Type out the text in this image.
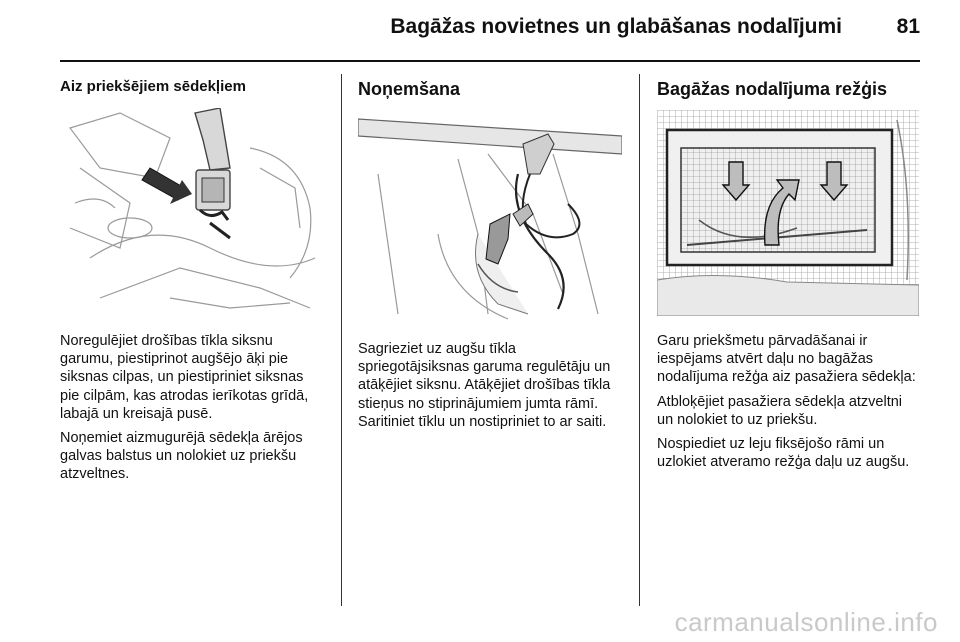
Bagāžas novietnes un glabāšanas nodalījumi	81
Aiz priekšējiem sēdekļiem

Noregulējiet drošības tīkla siksnu garumu, piestiprinot augšējo āķi pie siksnas cilpas, un piestipriniet siksnas pie cilpām, kas atrodas ierīkotas grīdā, labajā un kreisajā pusē.

Noņemiet aizmugurējā sēdekļa ārējos galvas balstus un nolokiet uz priekšu atzveltnes.

Noņemšana

Sagrieziet uz augšu tīkla spriegotājsiksnas garuma regulētāju un atāķējiet siksnu. Atāķējiet drošības tīkla stieņus no stiprinājumiem jumta rāmī. Saritiniet tīklu un nostipriniet to ar saiti.

Bagāžas nodalījuma režģis

Garu priekšmetu pārvadāšanai ir iespējams atvērt daļu no bagāžas nodalījuma režģa aiz pasažiera sēdekļa:

Atbloķējiet pasažiera sēdekļa atzveltni un nolokiet to uz priekšu.

Nospiediet uz leju fiksējošo rāmi un uzlokiet atveramo režģa daļu uz augšu.

carmanualsonline.info
